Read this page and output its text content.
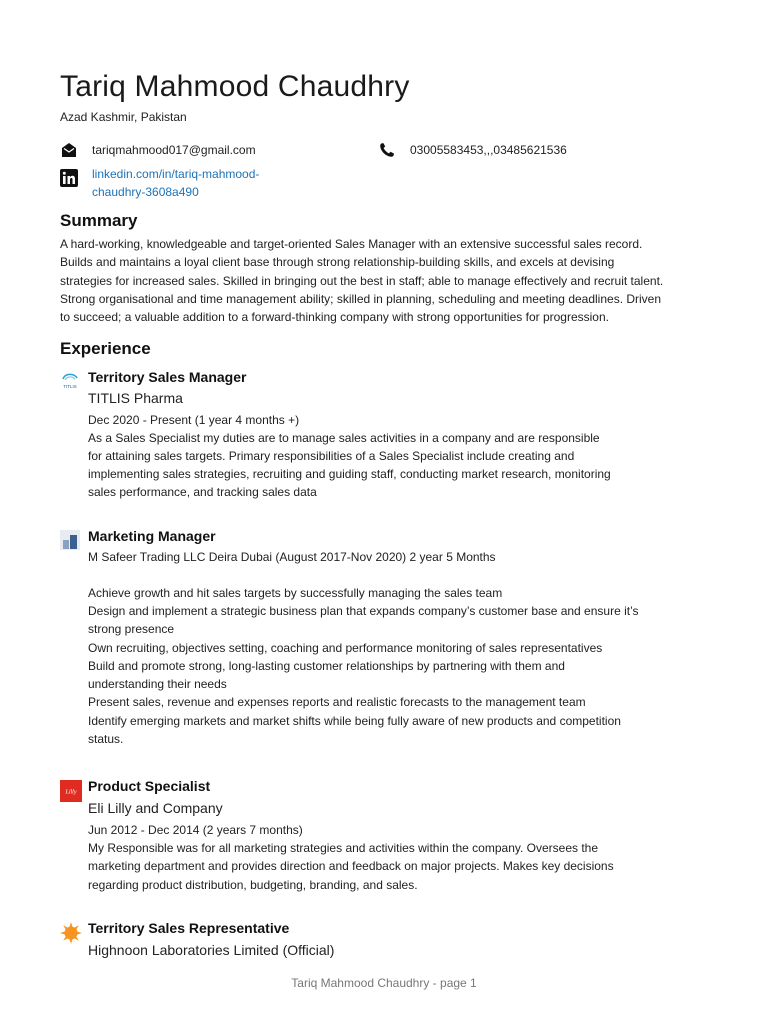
Tariq Mahmood Chaudhry
Azad Kashmir, Pakistan
tariqmahmood017@gmail.com	03005583453,,,03485621536
linkedin.com/in/tariq-mahmood-
chaudhry-3608a490
Summary
A hard-working, knowledgeable and target-oriented Sales Manager with an extensive successful sales record.
Builds and maintains a loyal client base through strong relationship-building skills, and excels at devising
strategies for increased sales. Skilled in bringing out the best in staff; able to manage effectively and recruit talent.
Strong organisational and time management ability; skilled in planning, scheduling and meeting deadlines. Driven
to succeed; a valuable addition to a forward-thinking company with strong opportunities for progression.
Experience
TITLIS
Territory Sales Manager
TITLIS Pharma
Dec 2020 - Present (1 year 4 months +)
As a Sales Specialist my duties are to manage sales activities in a company and are responsible
for attaining sales targets. Primary responsibilities of a Sales Specialist include creating and
implementing sales strategies, recruiting and guiding staff, conducting market research, monitoring
sales performance, and tracking sales data
Marketing Manager
M Safeer Trading LLC Deira Dubai (August 2017-Nov 2020) 2 year 5 Months
Achieve growth and hit sales targets by successfully managing the sales team
Design and implement a strategic business plan that expands company’s customer base and ensure it’s
strong presence
Own recruiting, objectives setting, coaching and performance monitoring of sales representatives
Build and promote strong, long-lasting customer relationships by partnering with them and
understanding their needs
Present sales, revenue and expenses reports and realistic forecasts to the management team
Identify emerging markets and market shifts while being fully aware of new products and competition
status.
Lilly Product Specialist
Eli Lilly and Company
Jun 2012 - Dec 2014 (2 years 7 months)
My Responsible was for all marketing strategies and activities within the company. Oversees the
marketing department and provides direction and feedback on major projects. Makes key decisions
regarding product distribution, budgeting, branding, and sales.
Territory Sales Representative
Highnoon Laboratories Limited (Official)
Tariq Mahmood Chaudhry - page 1
